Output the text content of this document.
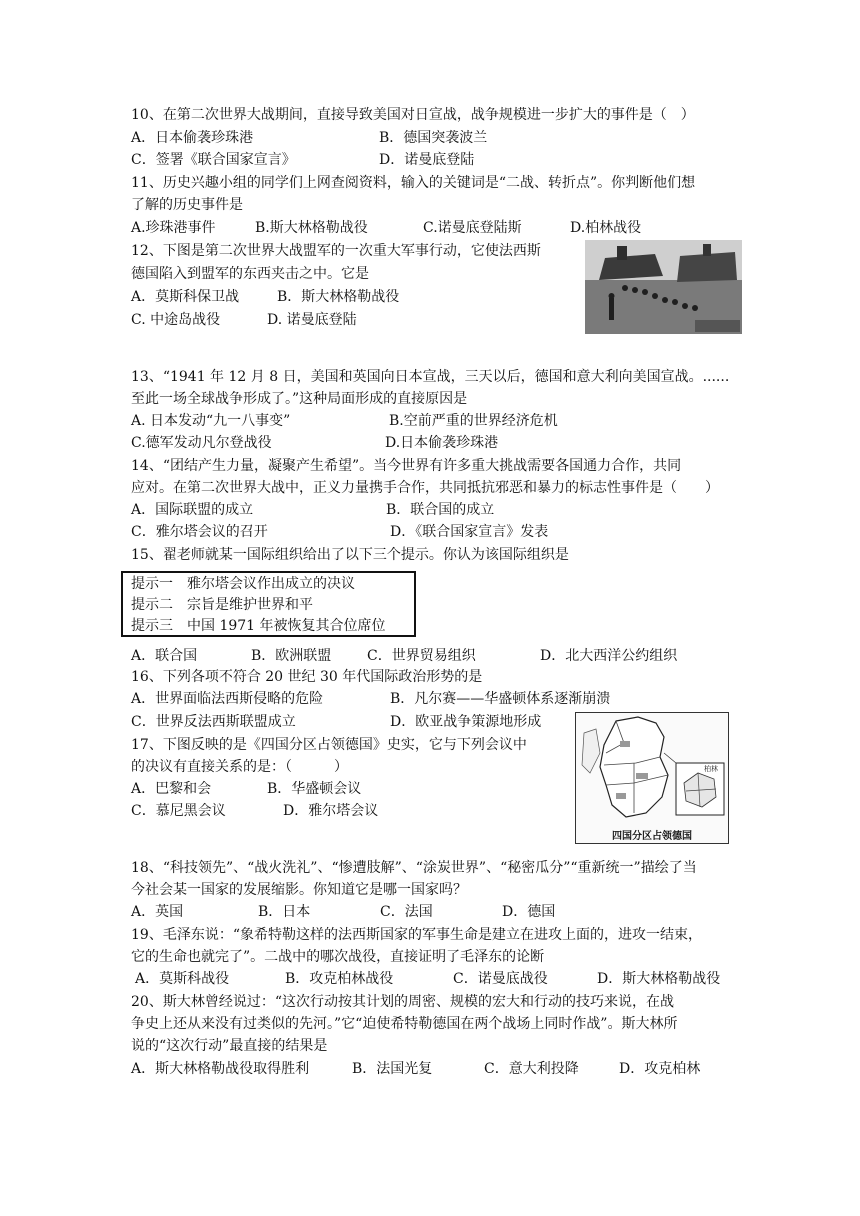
10、在第二次世界大战期间，直接导致美国对日宣战，战争规模进一步扩大的事件是（　）
A．日本偷袭珍珠港	B．德国突袭波兰
C．签署《联合国家宣言》	D．诺曼底登陆
11、历史兴趣小组的同学们上网查阅资料，输入的关键词是“二战、转折点”。你判断他们想
了解的历史事件是
A.珍珠港事件	B.斯大林格勒战役	C.诺曼底登陆斯	D.柏林战役
12、下图是第二次世界大战盟军的一次重大军事行动，它使法西斯
德国陷入到盟军的东西夹击之中。它是
A．莫斯科保卫战	B．斯大林格勒战役
C. 中途岛战役	D. 诺曼底登陆
13、“1941 年 12 月 8 日，美国和英国向日本宣战，三天以后，德国和意大利向美国宣战。......
至此一场全球战争形成了。”这种局面形成的直接原因是
A. 日本发动“九一八事变”	B.空前严重的世界经济危机
C.德军发动凡尔登战役	D.日本偷袭珍珠港
14、“团结产生力量，凝聚产生希望”。当今世界有许多重大挑战需要各国通力合作，共同
应对。在第二次世界大战中，正义力量携手合作，共同抵抗邪恶和暴力的标志性事件是（　　）
A．国际联盟的成立	B．联合国的成立
C．雅尔塔会议的召开	D．《联合国家宣言》发表
15、翟老师就某一国际组织给出了以下三个提示。你认为该国际组织是
提示一　雅尔塔会议作出成立的决议
提示二　宗旨是维护世界和平
提示三　中国 1971 年被恢复其合位席位
A．联合国	B．欧洲联盟	C．世界贸易组织	D．北大西洋公约组织
16、下列各项不符合 20 世纪 30 年代国际政治形势的是
A．世界面临法西斯侵略的危险	B．凡尔赛——华盛顿体系逐渐崩溃
C．世界反法西斯联盟成立	D．欧亚战争策源地形成
17、下图反映的是《四国分区占领德国》史实，它与下列会议中
的决议有直接关系的是：（　　　）
A．巴黎和会	B．华盛顿会议
C．慕尼黑会议	D．雅尔塔会议
柏林
四国分区占领德国
18、“科技领先”、“战火洗礼”、“惨遭肢解”、“涂炭世界”、“秘密瓜分”“重新统一”描绘了当
今社会某一国家的发展缩影。你知道它是哪一国家吗？
A．英国	B．日本	C．法国	D．德国
19、毛泽东说：“象希特勒这样的法西斯国家的军事生命是建立在进攻上面的，进攻一结束，
它的生命也就完了”。二战中的哪次战役，直接证明了毛泽东的论断
A．莫斯科战役	B．攻克柏林战役	C．诺曼底战役	D．斯大林格勒战役
20、斯大林曾经说过：“这次行动按其计划的周密、规模的宏大和行动的技巧来说，在战
争史上还从来没有过类似的先河。”它“迫使希特勒德国在两个战场上同时作战”。斯大林所
说的“这次行动”最直接的结果是
A．斯大林格勒战役取得胜利	B．法国光复	C．意大利投降	D．攻克柏林
